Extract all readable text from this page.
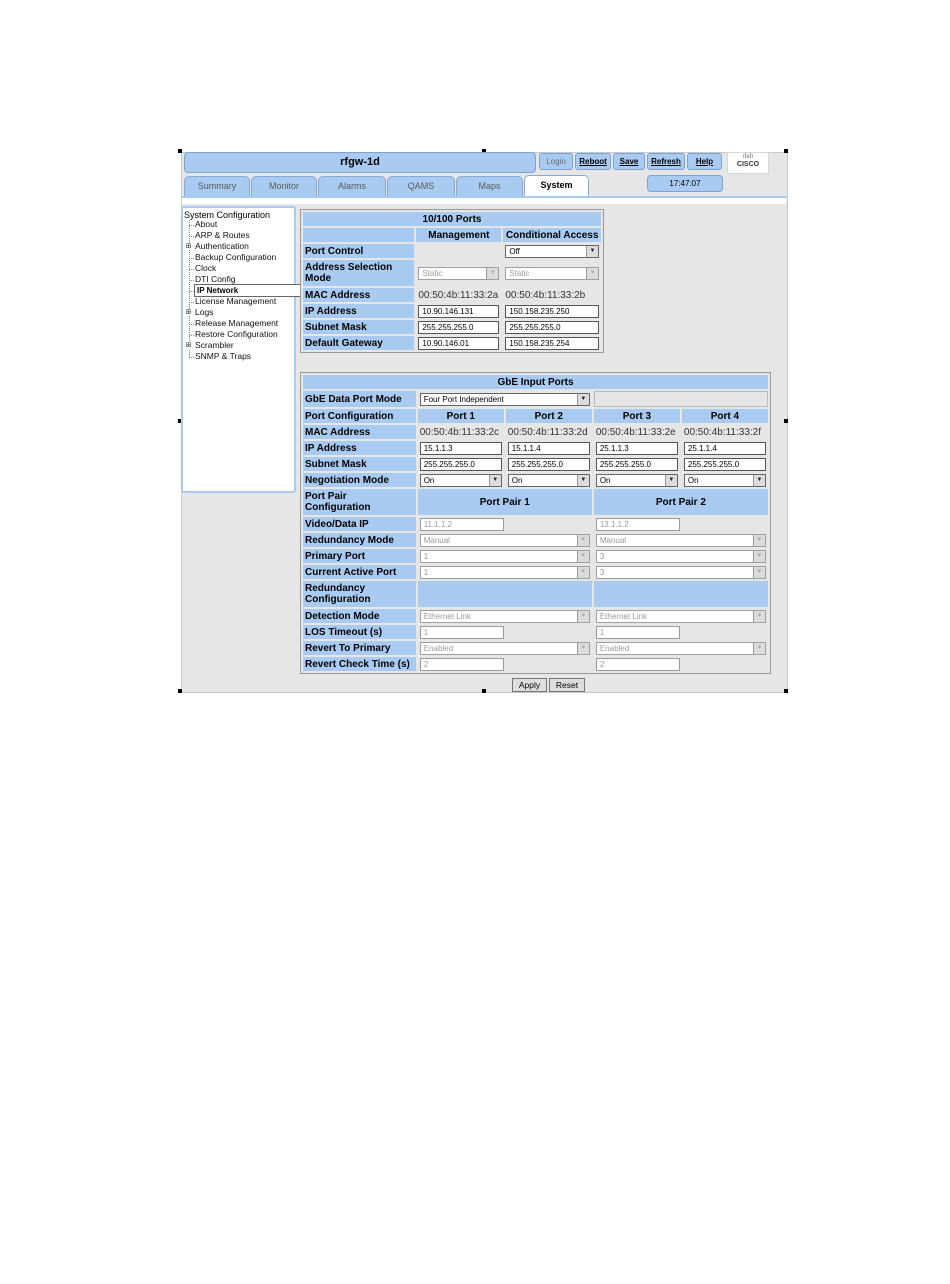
rfgw-1d	Login	Reboot	Save	Refresh	Help
ılıılı
CISCO
Summary	Monitor	Alarms	QAMS	Maps	System	17:47:07
System Configuration
About
ARP & Routes
⊞ Authentication
Backup Configuration
Clock
DTI Config
IP Network
License Management
⊞ Logs
Release Management
Restore Configuration
⊞ Scrambler
SNMP & Traps
10/100 Ports		
	Management	Conditional Access
Port Control		Off ▼

Address Selection Mode	Static ▼	Static ▼

MAC Address	00:50:4b:11:33:2a	00:50:4b:11:33:2b
IP Address	10.90.146.131	150.158.235.250

Subnet Mask	255.255.255.0	255.255.255.0

Default Gateway	10.90.146.01	150.158.235.254
GbE Input Ports				
GbE Data Port Mode	Four Port Independent ▼			

Port Configuration	Port 1	Port 2	Port 3	Port 4
MAC Address	00:50:4b:11:33:2c	00:50:4b:11:33:2d	00:50:4b:11:33:2e	00:50:4b:11:33:2f
IP Address	15.1.1.3	15.1.1.4	25.1.1.3	25.1.1.4

Subnet Mask	255.255.255.0	255.255.255.0	255.255.255.0	255.255.255.0

Negotiation Mode	On ▼	On ▼	On ▼	On ▼

Port Pair Configuration	Port Pair 1		Port Pair 2	
Video/Data IP	11.1.1.2		13.1.1.2	

Redundancy Mode	Manual ▼		Manual ▼	

Primary Port	1 ▼		3 ▼	

Current Active Port	1 ▼		3 ▼	

Redundancy Configuration				
Detection Mode	Ethernet Link ▼		Ethernet Link ▼	

LOS Timeout (s)	1		1	

Revert To Primary	Enabled ▼		Enabled ▼	

Revert Check Time (s)	2		2	
Apply	Reset
